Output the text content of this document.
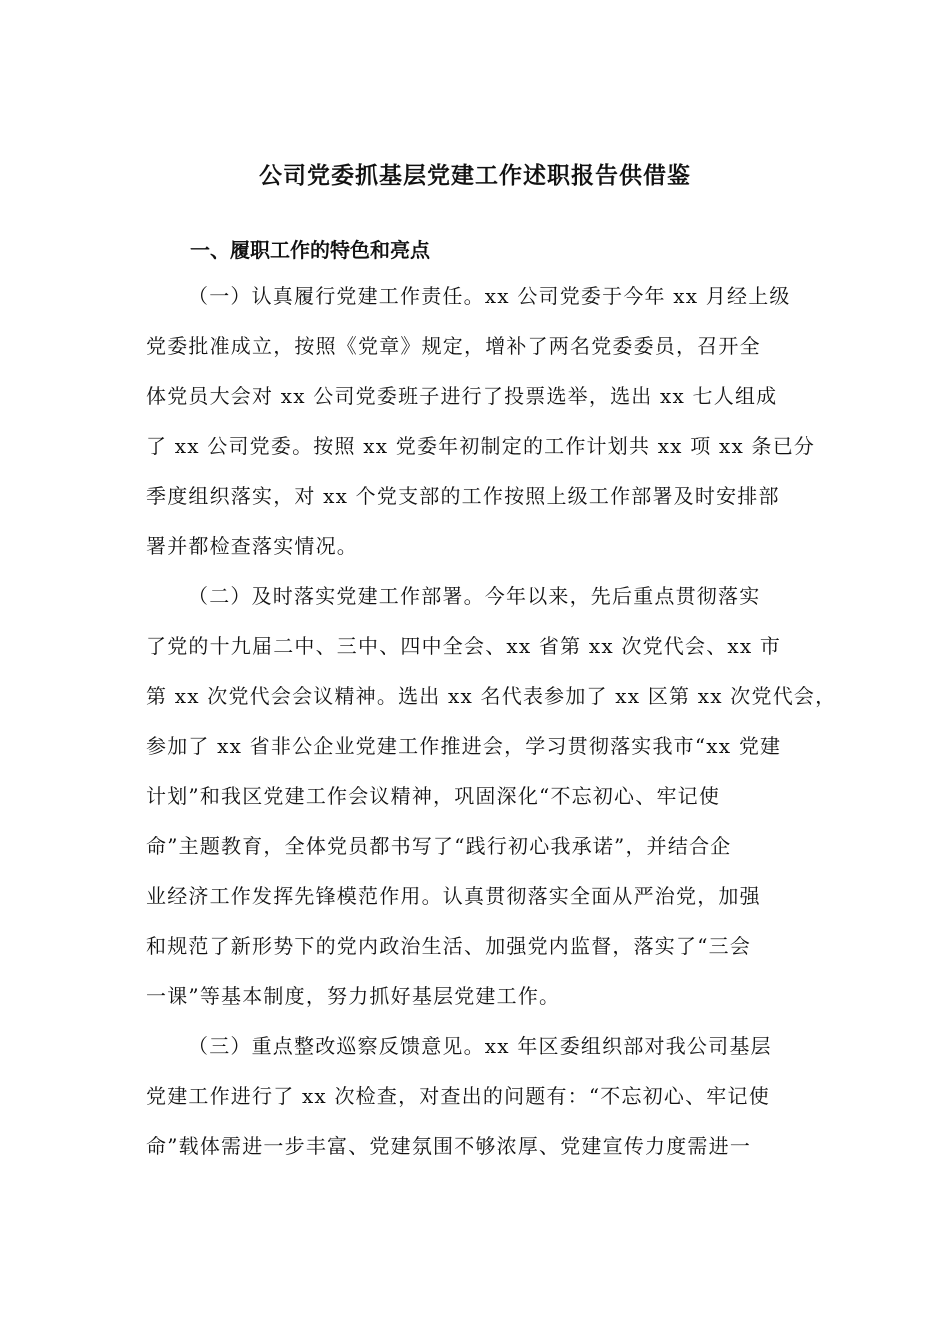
公司党委抓基层党建工作述职报告供借鉴
一、履职工作的特色和亮点
（一）认真履行党建工作责任。xx 公司党委于今年 xx 月经上级
党委批准成立，按照《党章》规定，增补了两名党委委员，召开全
体党员大会对 xx 公司党委班子进行了投票选举，选出 xx 七人组成
了 xx 公司党委。按照 xx 党委年初制定的工作计划共 xx 项 xx 条已分
季度组织落实，对 xx 个党支部的工作按照上级工作部署及时安排部
署并都检查落实情况。
（二）及时落实党建工作部署。今年以来，先后重点贯彻落实
了党的十九届二中、三中、四中全会、xx 省第 xx 次党代会、xx 市
第 xx 次党代会会议精神。选出 xx 名代表参加了 xx 区第 xx 次党代会，
参加了 xx 省非公企业党建工作推进会，学习贯彻落实我市“xx 党建
计划”和我区党建工作会议精神，巩固深化“不忘初心、牢记使
命”主题教育，全体党员都书写了“践行初心我承诺”，并结合企
业经济工作发挥先锋模范作用。认真贯彻落实全面从严治党，加强
和规范了新形势下的党内政治生活、加强党内监督，落实了“三会
一课”等基本制度，努力抓好基层党建工作。
（三）重点整改巡察反馈意见。xx 年区委组织部对我公司基层
党建工作进行了 xx 次检查，对查出的问题有：“不忘初心、牢记使
命”载体需进一步丰富、党建氛围不够浓厚、党建宣传力度需进一
